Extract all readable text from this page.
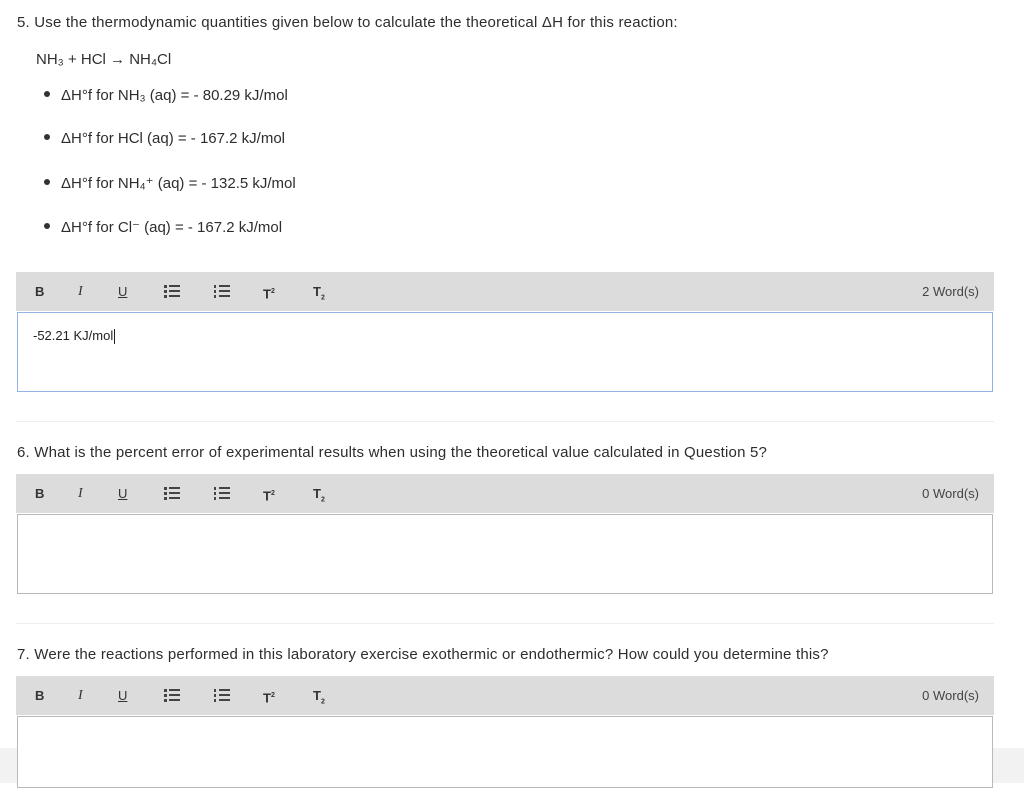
5. Use the thermodynamic quantities given below to calculate the theoretical ΔH for this reaction:
NH₃ + HCl → NH₄Cl
ΔH°f for NH₃ (aq) = - 80.29 kJ/mol
ΔH°f for HCl (aq) = - 167.2 kJ/mol
ΔH°f for NH₄⁺ (aq) = - 132.5 kJ/mol
ΔH°f for Cl⁻ (aq) = - 167.2 kJ/mol
B I	U	$T^2$	$T_2$	2 Word(s)
-52.21 KJ/mol
6. What is the percent error of experimental results when using the theoretical value calculated in Question 5?
B I	U	$T^2$	$T_2$	0 Word(s)
7. Were the reactions performed in this laboratory exercise exothermic or endothermic? How could you determine this?
B I	U	$T^2$	$T_2$	0 Word(s)
